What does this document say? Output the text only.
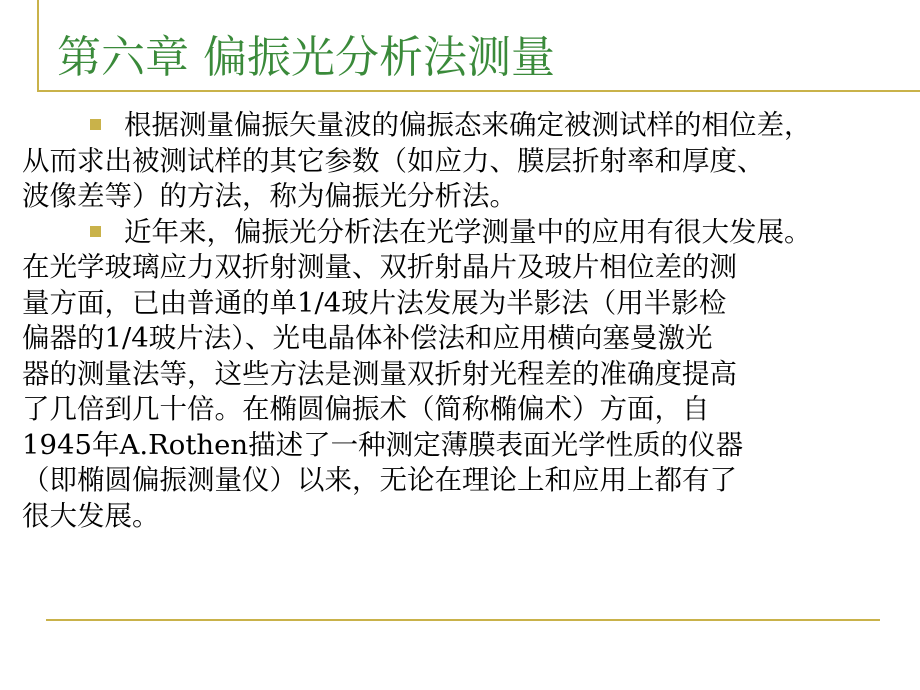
第六章 偏振光分析法测量

根据测量偏振矢量波的偏振态来确定被测试样的相位差，
从而求出被测试样的其它参数（如应力、膜层折射率和厚度、
波像差等）的方法，称为偏振光分析法。

近年来，偏振光分析法在光学测量中的应用有很大发展。
在光学玻璃应力双折射测量、双折射晶片及玻片相位差的测
量方面，已由普通的单1/4玻片法发展为半影法（用半影检
偏器的1/4玻片法）、光电晶体补偿法和应用横向塞曼激光
器的测量法等，这些方法是测量双折射光程差的准确度提高
了几倍到几十倍。在椭圆偏振术（简称椭偏术）方面，自
1945年A.Rothen描述了一种测定薄膜表面光学性质的仪器
（即椭圆偏振测量仪）以来，无论在理论上和应用上都有了
很大发展。
